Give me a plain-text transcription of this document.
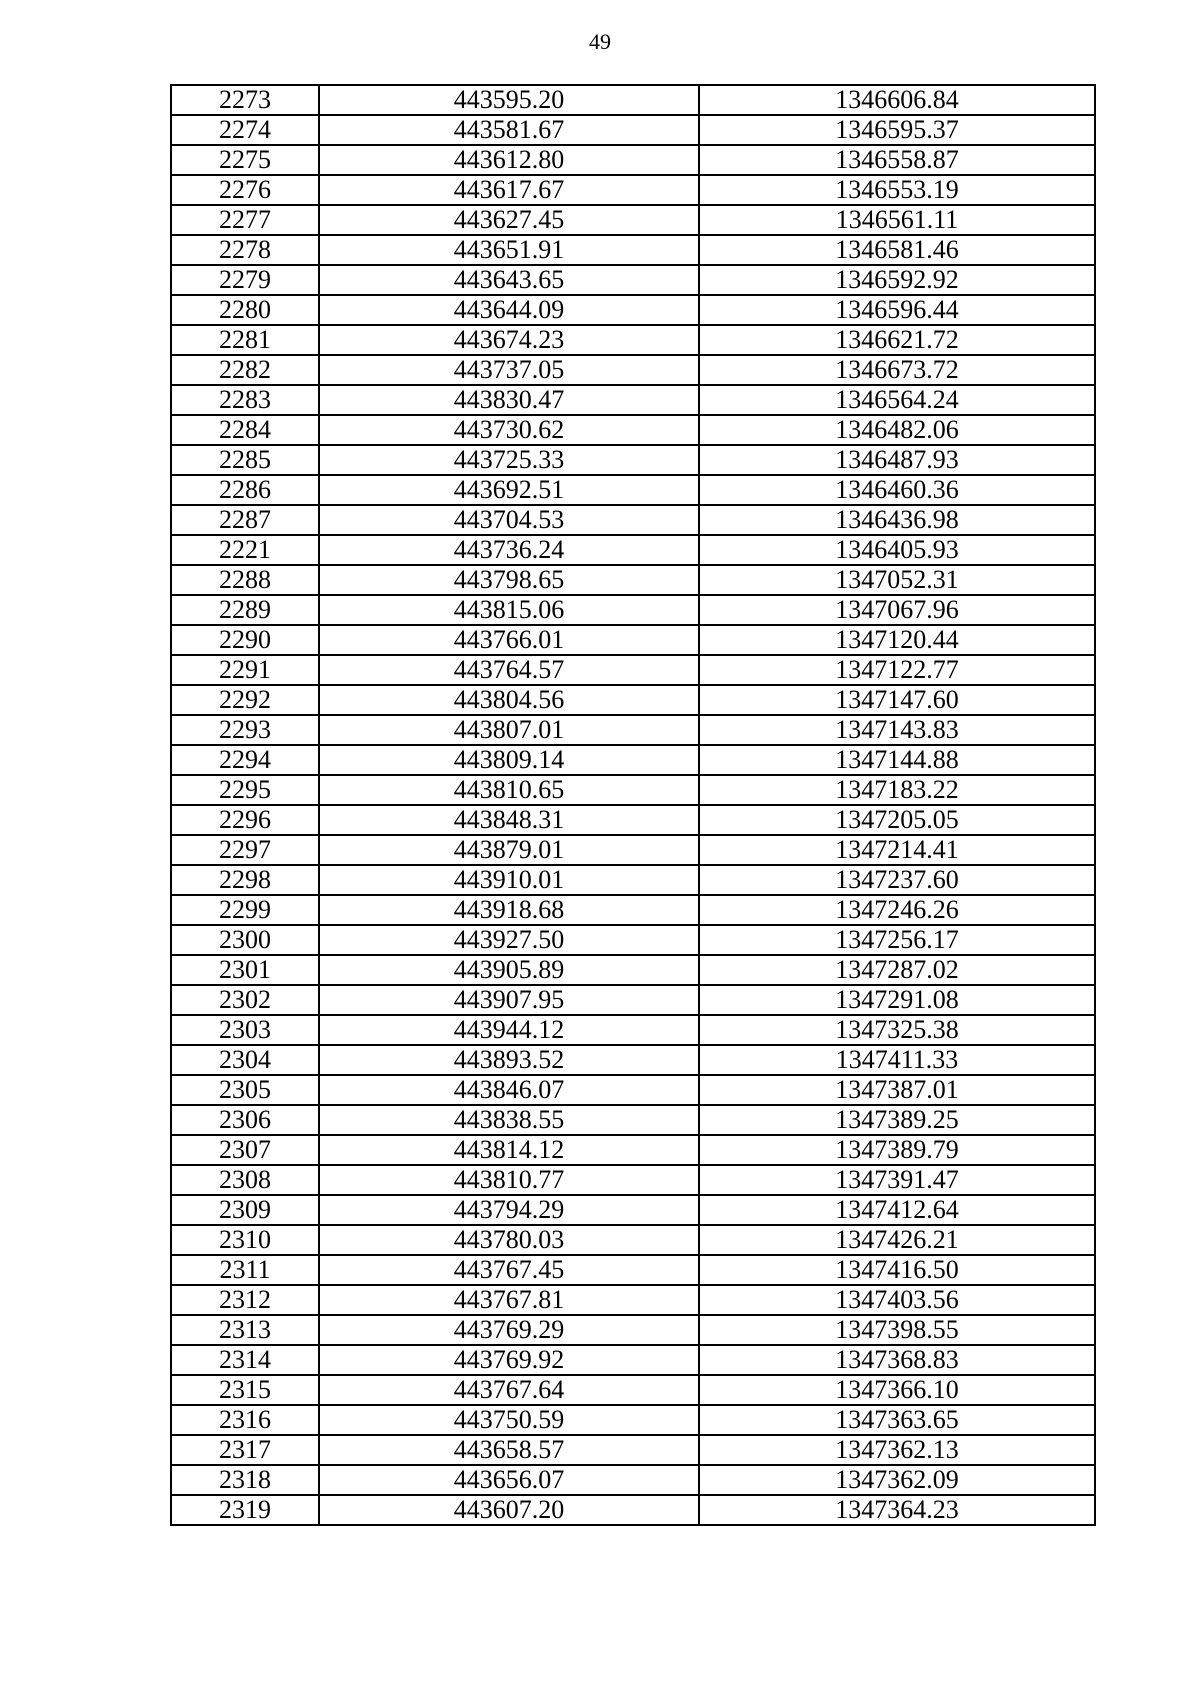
49
2273	443595.20	1346606.84
2274	443581.67	1346595.37
2275	443612.80	1346558.87
2276	443617.67	1346553.19
2277	443627.45	1346561.11
2278	443651.91	1346581.46
2279	443643.65	1346592.92
2280	443644.09	1346596.44
2281	443674.23	1346621.72
2282	443737.05	1346673.72
2283	443830.47	1346564.24
2284	443730.62	1346482.06
2285	443725.33	1346487.93
2286	443692.51	1346460.36
2287	443704.53	1346436.98
2221	443736.24	1346405.93
2288	443798.65	1347052.31
2289	443815.06	1347067.96
2290	443766.01	1347120.44
2291	443764.57	1347122.77
2292	443804.56	1347147.60
2293	443807.01	1347143.83
2294	443809.14	1347144.88
2295	443810.65	1347183.22
2296	443848.31	1347205.05
2297	443879.01	1347214.41
2298	443910.01	1347237.60
2299	443918.68	1347246.26
2300	443927.50	1347256.17
2301	443905.89	1347287.02
2302	443907.95	1347291.08
2303	443944.12	1347325.38
2304	443893.52	1347411.33
2305	443846.07	1347387.01
2306	443838.55	1347389.25
2307	443814.12	1347389.79
2308	443810.77	1347391.47
2309	443794.29	1347412.64
2310	443780.03	1347426.21
2311	443767.45	1347416.50
2312	443767.81	1347403.56
2313	443769.29	1347398.55
2314	443769.92	1347368.83
2315	443767.64	1347366.10
2316	443750.59	1347363.65
2317	443658.57	1347362.13
2318	443656.07	1347362.09
2319	443607.20	1347364.23
